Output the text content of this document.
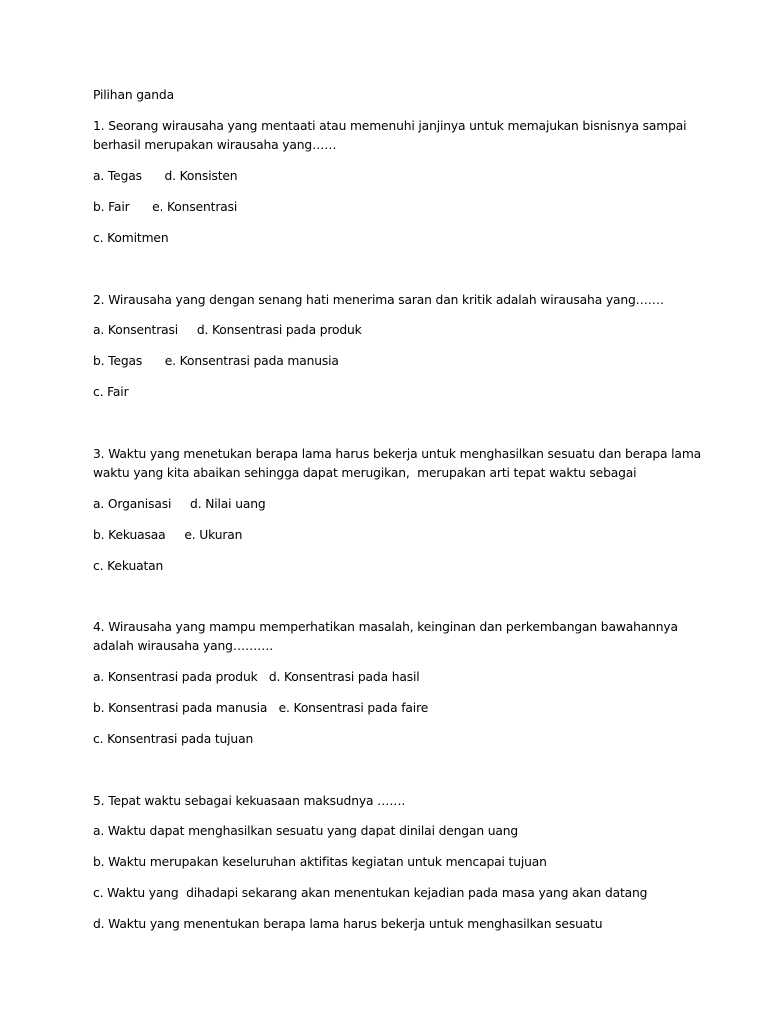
Pilihan ganda
1. Seorang wirausaha yang mentaati atau memenuhi janjinya untuk memajukan bisnisnya sampai
berhasil merupakan wirausaha yang……
a. Tegas      d. Konsisten
b. Fair      e. Konsentrasi
c. Komitmen
2. Wirausaha yang dengan senang hati menerima saran dan kritik adalah wirausaha yang…….
a. Konsentrasi     d. Konsentrasi pada produk
b. Tegas      e. Konsentrasi pada manusia
c. Fair
3. Waktu yang menetukan berapa lama harus bekerja untuk menghasilkan sesuatu dan berapa lama
waktu yang kita abaikan sehingga dapat merugikan,  merupakan arti tepat waktu sebagai
a. Organisasi     d. Nilai uang
b. Kekuasaa     e. Ukuran
c. Kekuatan
4. Wirausaha yang mampu memperhatikan masalah, keinginan dan perkembangan bawahannya
adalah wirausaha yang……….
a. Konsentrasi pada produk   d. Konsentrasi pada hasil
b. Konsentrasi pada manusia   e. Konsentrasi pada faire
c. Konsentrasi pada tujuan
5. Tepat waktu sebagai kekuasaan maksudnya …….
a. Waktu dapat menghasilkan sesuatu yang dapat dinilai dengan uang
b. Waktu merupakan keseluruhan aktifitas kegiatan untuk mencapai tujuan
c. Waktu yang  dihadapi sekarang akan menentukan kejadian pada masa yang akan datang
d. Waktu yang menentukan berapa lama harus bekerja untuk menghasilkan sesuatu
